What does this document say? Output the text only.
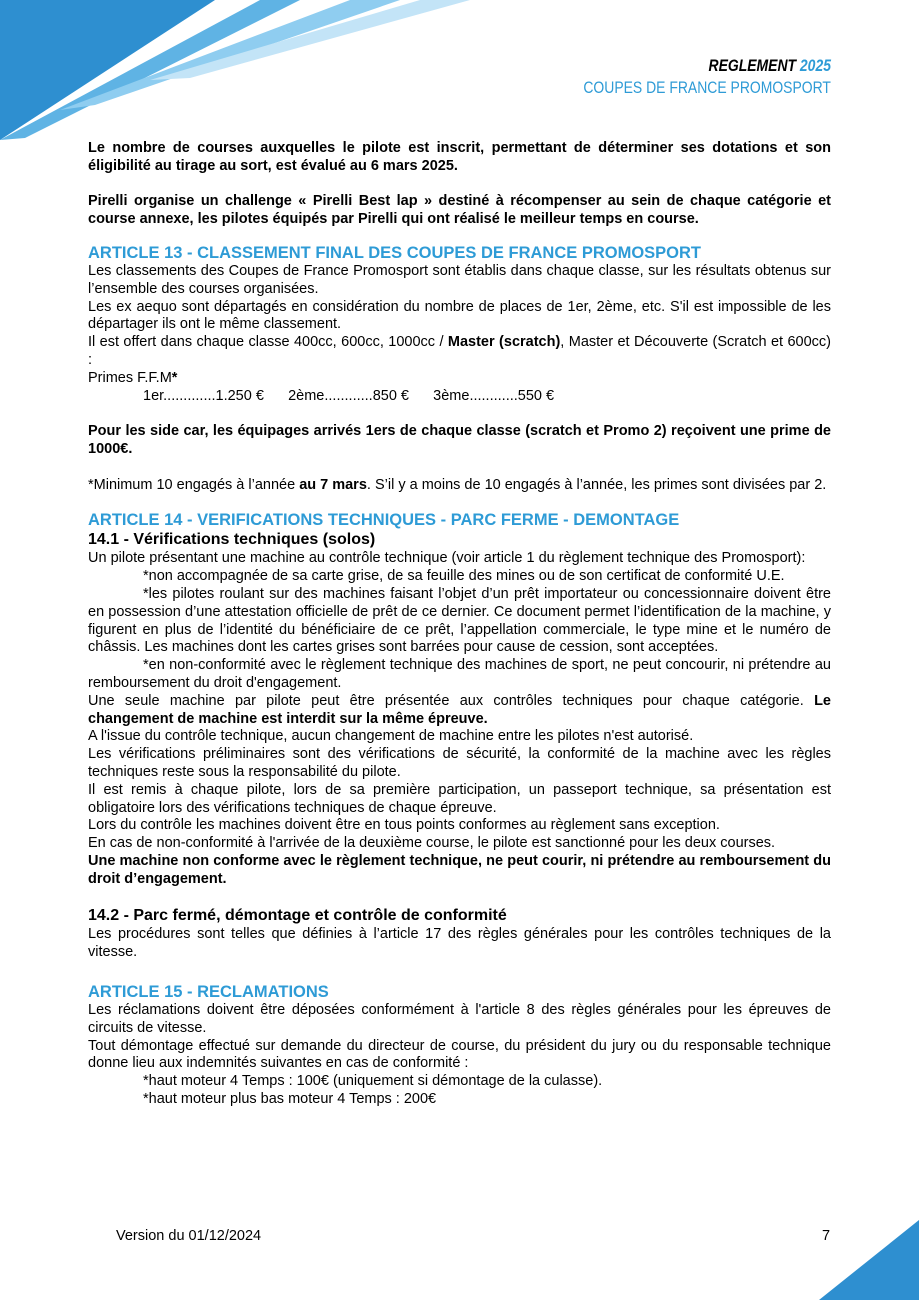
REGLEMENT 2025
COUPES DE FRANCE PROMOSPORT

Le nombre de courses auxquelles le pilote est inscrit, permettant de déterminer ses dotations et son éligibilité au tirage au sort, est évalué au 6 mars 2025.

Pirelli organise un challenge « Pirelli Best lap » destiné à récompenser au sein de chaque catégorie et course annexe, les pilotes équipés par Pirelli qui ont réalisé le meilleur temps en course.

ARTICLE 13 - CLASSEMENT FINAL DES COUPES DE FRANCE PROMOSPORT

Les classements des Coupes de France Promosport sont établis dans chaque classe, sur les résultats obtenus sur l’ensemble des courses organisées.

Les ex aequo sont départagés en considération du nombre de places de 1er, 2ème, etc. S'il est impossible de les départager ils ont le même classement.

Il est offert dans chaque classe 400cc, 600cc, 1000cc / Master (scratch), Master et Découverte (Scratch et 600cc) :

Primes F.F.M*

1er.............1.250 € 2ème............850 € 3ème............550 €

Pour les side car, les équipages arrivés 1ers de chaque classe (scratch et Promo 2) reçoivent une prime de 1000€.

*Minimum 10 engagés à l’année au 7 mars. S’il y a moins de 10 engagés à l’année, les primes sont divisées par 2.

ARTICLE 14 - VERIFICATIONS TECHNIQUES - PARC FERME - DEMONTAGE
14.1 - Vérifications techniques (solos)

Un pilote présentant une machine au contrôle technique (voir article 1 du règlement technique des Promosport):

*non accompagnée de sa carte grise, de sa feuille des mines ou de son certificat de conformité U.E.

*les pilotes roulant sur des machines faisant l’objet d’un prêt importateur ou concessionnaire doivent être en possession d’une attestation officielle de prêt de ce dernier. Ce document permet l’identification de la machine, y figurent en plus de l’identité du bénéficiaire de ce prêt, l’appellation commerciale, le type mine et le numéro de châssis. Les machines dont les cartes grises sont barrées pour cause de cession, sont acceptées.

*en non-conformité avec le règlement technique des machines de sport, ne peut concourir, ni prétendre au remboursement du droit d'engagement.

Une seule machine par pilote peut être présentée aux contrôles techniques pour chaque catégorie. Le changement de machine est interdit sur la même épreuve.

A l'issue du contrôle technique, aucun changement de machine entre les pilotes n'est autorisé.

Les vérifications préliminaires sont des vérifications de sécurité, la conformité de la machine avec les règles techniques reste sous la responsabilité du pilote.

Il est remis à chaque pilote, lors de sa première participation, un passeport technique, sa présentation est obligatoire lors des vérifications techniques de chaque épreuve.

Lors du contrôle les machines doivent être en tous points conformes au règlement sans exception.

En cas de non-conformité à l'arrivée de la deuxième course, le pilote est sanctionné pour les deux courses.

Une machine non conforme avec le règlement technique, ne peut courir, ni prétendre au remboursement du droit d’engagement.

14.2 - Parc fermé, démontage et contrôle de conformité

Les procédures sont telles que définies à l’article 17 des règles générales pour les contrôles techniques de la vitesse.

ARTICLE 15 - RECLAMATIONS

Les réclamations doivent être déposées conformément à l'article 8 des règles générales pour les épreuves de circuits de vitesse.

Tout démontage effectué sur demande du directeur de course, du président du jury ou du responsable technique donne lieu aux indemnités suivantes en cas de conformité :

*haut moteur 4 Temps : 100€ (uniquement si démontage de la culasse).

*haut moteur plus bas moteur 4 Temps : 200€

Version du 01/12/2024	7
